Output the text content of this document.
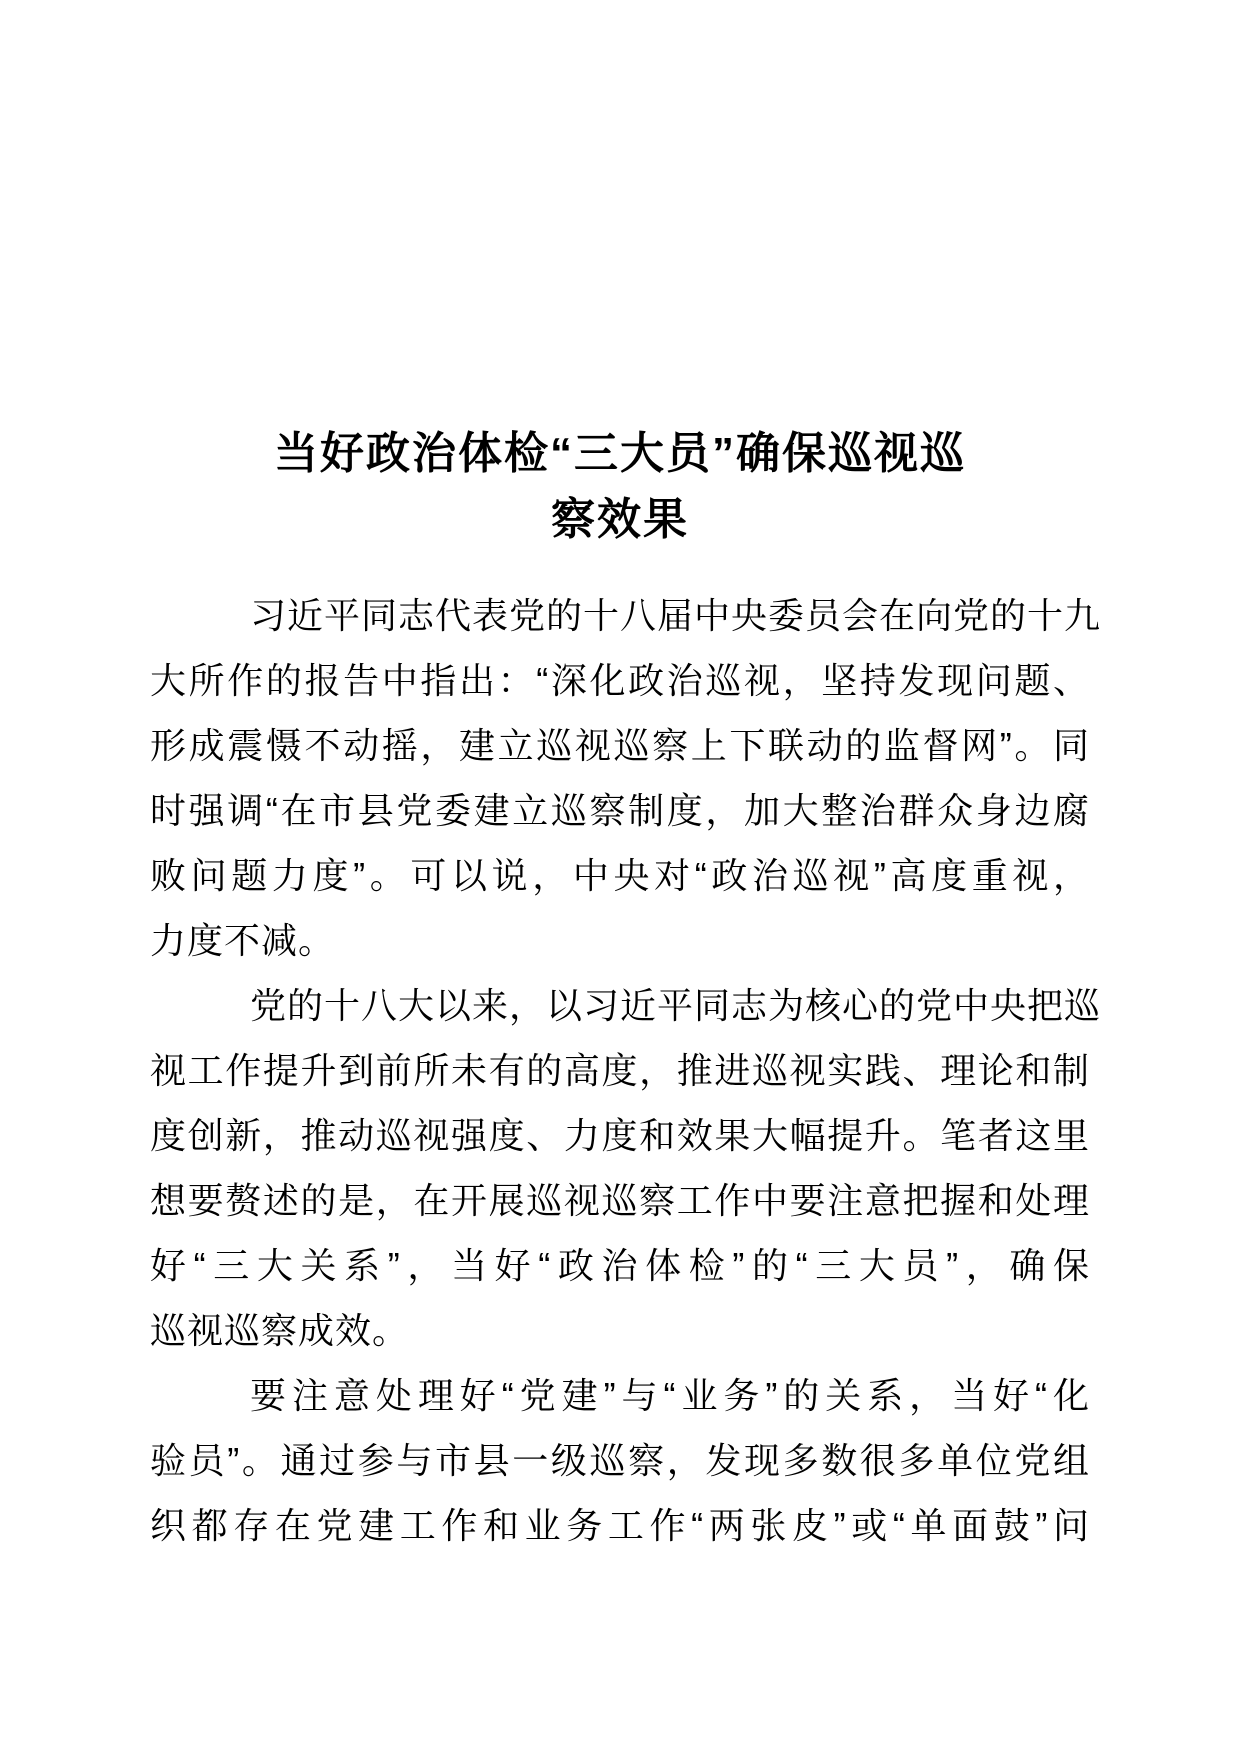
当好政治体检“三大员”确保巡视巡
察效果

习近平同志代表党的十八届中央委员会在向党的十九
大所作的报告中指出：“深化政治巡视，坚持发现问题、
形成震慑不动摇，建立巡视巡察上下联动的监督网”。同
时强调“在市县党委建立巡察制度，加大整治群众身边腐
败问题力度”。可以说，中央对“政治巡视”高度重视，
力度不减。

党的十八大以来，以习近平同志为核心的党中央把巡
视工作提升到前所未有的高度，推进巡视实践、理论和制
度创新，推动巡视强度、力度和效果大幅提升。笔者这里
想要赘述的是，在开展巡视巡察工作中要注意把握和处理
好“三大关系”，当好“政治体检”的“三大员”，确保
巡视巡察成效。

要注意处理好“党建”与“业务”的关系，当好“化
验员”。通过参与市县一级巡察，发现多数很多单位党组
织都存在党建工作和业务工作“两张皮”或“单面鼓”问
